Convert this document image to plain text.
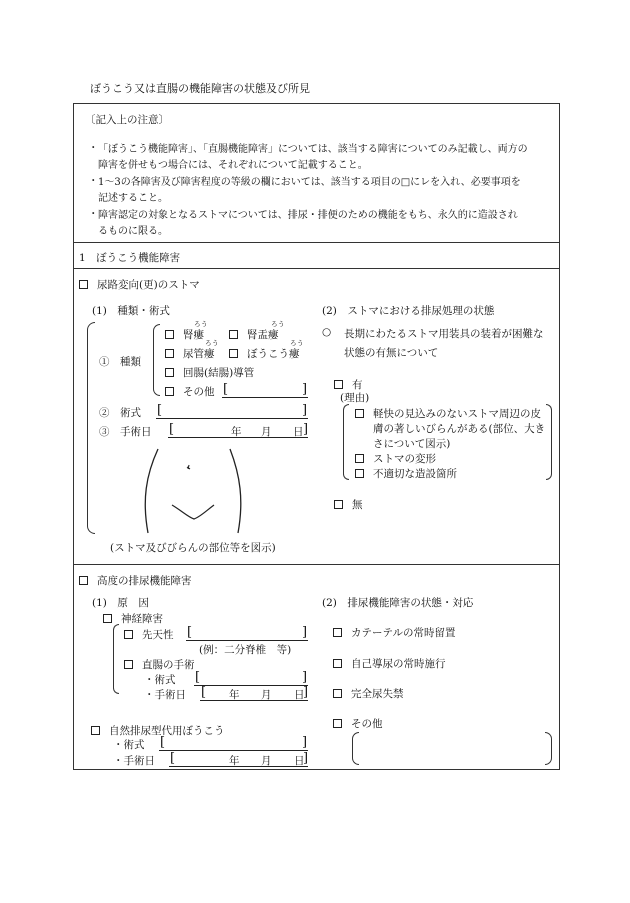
ぼうこう又は直腸の機能障害の状態及び所見
〔記入上の注意〕
・ 「ぼうこう機能障害」、「直腸機能障害」については、該当する障害についてのみ記載し、両方の
障害を併せもつ場合には、それぞれについて記載すること。
・ 1〜3の各障害及び障害程度の等級の欄においては、該当する項目の□にレを入れ、必要事項を
記述すること。
・ 障害認定の対象となるストマについては、排尿・排便のための機能をもち、永久的に造設され
るものに限る。
1　ぼうこう機能障害
尿路変向(更)のストマ
(1)　種類・術式
①　種類
ろう
腎瘻
ろう
腎盂瘻
ろう
尿管瘻
ろう
ぼうこう瘻
回腸(結腸)導管
その他 [	]
②　術式 [	]
③　手術日 [	年 月 日 ]
(ストマ及びびらんの部位等を図示)
(2)　ストマにおける排尿処理の状態
○ 長期にわたるストマ用装具の装着が困難な
状態の有無について
有
(理由)
軽快の見込みのないストマ周辺の皮
膚の著しいびらんがある(部位、大き
さについて図示)
ストマの変形
不適切な造設箇所
無
高度の排尿機能障害
(1)　原　因
神経障害
先天性 [	]
(例：二分脊椎　等)
直腸の手術
・術式 [	]
・手術日 [ 年 月 日
]
自然排尿型代用ぼうこう
・術式 [	]
・手術日 [	年 月 日
]
(2)　排尿機能障害の状態・対応
カテーテルの常時留置
自己導尿の常時施行
完全尿失禁
その他
